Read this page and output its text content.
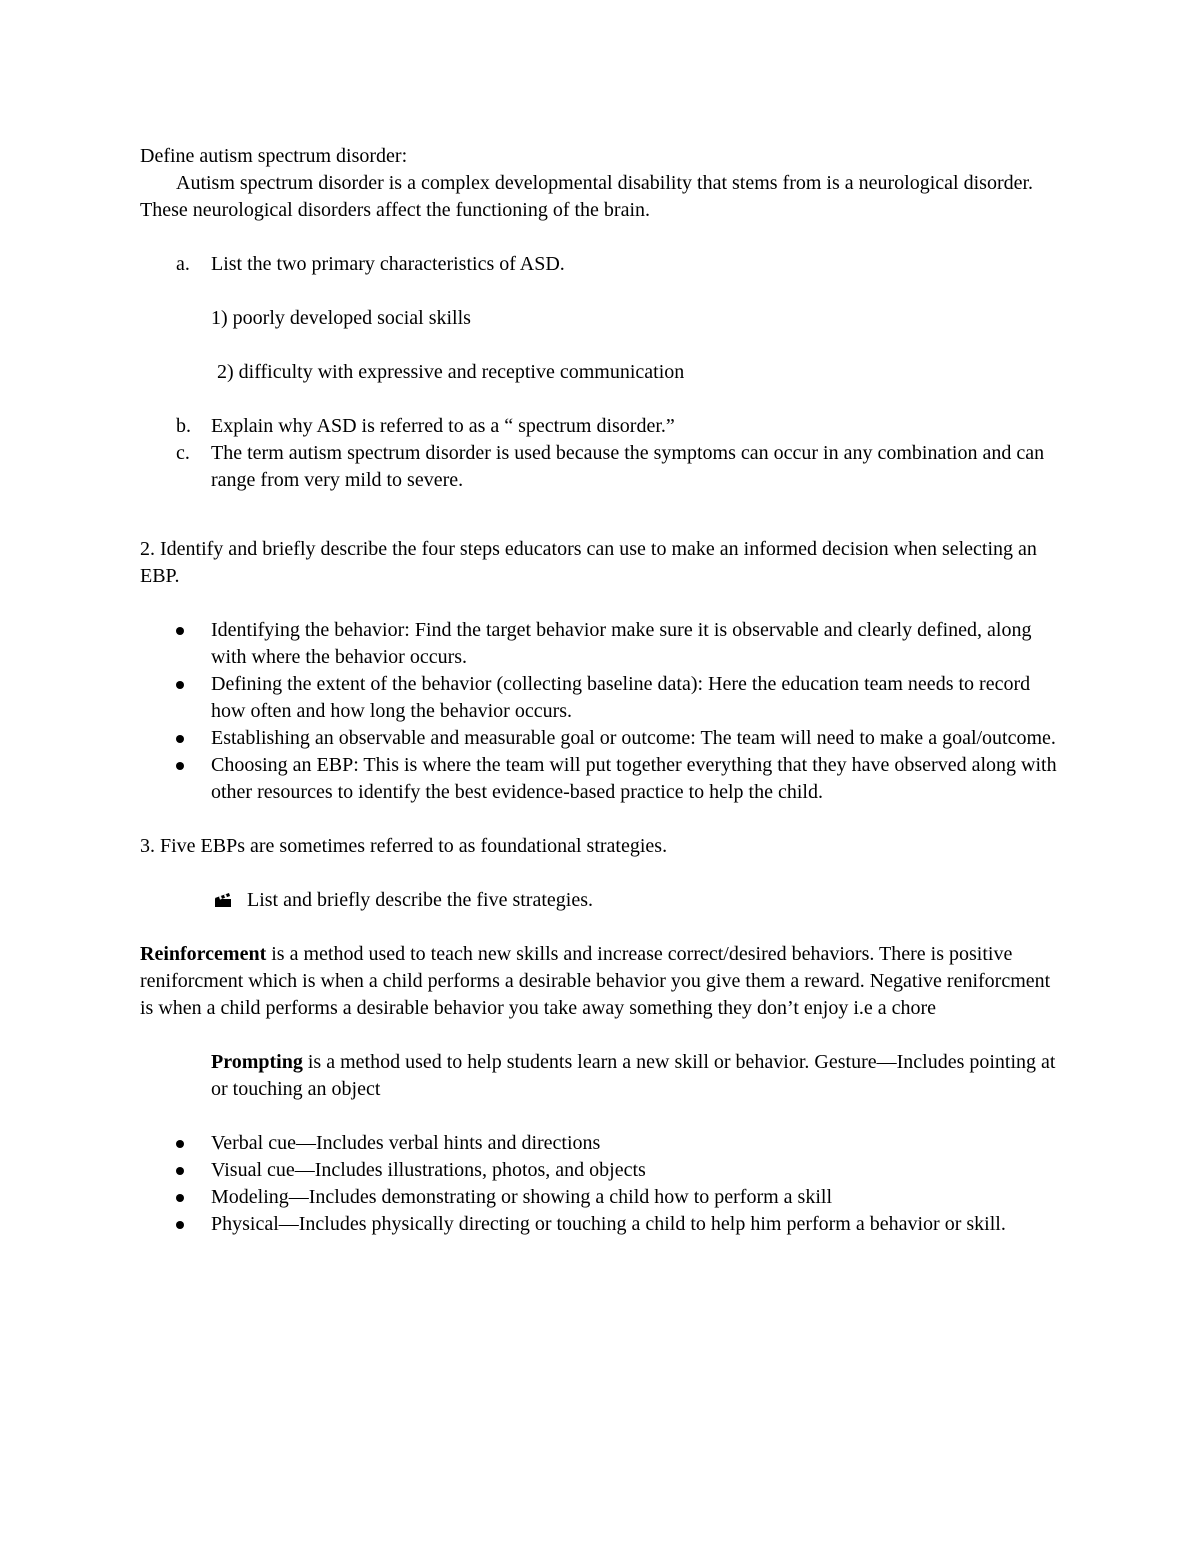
Define autism spectrum disorder:

Autism spectrum disorder is a complex developmental disability that stems from is a neurological disorder. These neurological disorders affect the functioning of the brain.

a. List the two primary characteristics of ASD.

1) poorly developed social skills

2) difficulty with expressive and receptive communication

b. Explain why ASD is referred to as a “ spectrum disorder.”
c. The term autism spectrum disorder is used because the symptoms can occur in any combination and can range from very mild to severe.

2. Identify and briefly describe the four steps educators can use to make an informed decision when selecting an EBP.

Identifying the behavior: Find the target behavior make sure it is observable and clearly defined, along with where the behavior occurs.
Defining the extent of the behavior (collecting baseline data): Here the education team needs to record how often and how long the behavior occurs.
Establishing an observable and measurable goal or outcome: The team will need to make a goal/outcome.
Choosing an EBP: This is where the team will put together everything that they have observed along with other resources to identify the best evidence-based practice to help the child.

3. Five EBPs are sometimes referred to as foundational strategies.

List and briefly describe the five strategies.

Reinforcement is a method used to teach new skills and increase correct/desired behaviors. There is positive reniforcment which is when a child performs a desirable behavior you give them a reward. Negative reniforcment is when a child performs a desirable behavior you take away something they don’t enjoy i.e a chore

Prompting is a method used to help students learn a new skill or behavior. Gesture—Includes pointing at or touching an object

Verbal cue—Includes verbal hints and directions
Visual cue—Includes illustrations, photos, and objects
Modeling—Includes demonstrating or showing a child how to perform a skill
Physical—Includes physically directing or touching a child to help him perform a behavior or skill.
